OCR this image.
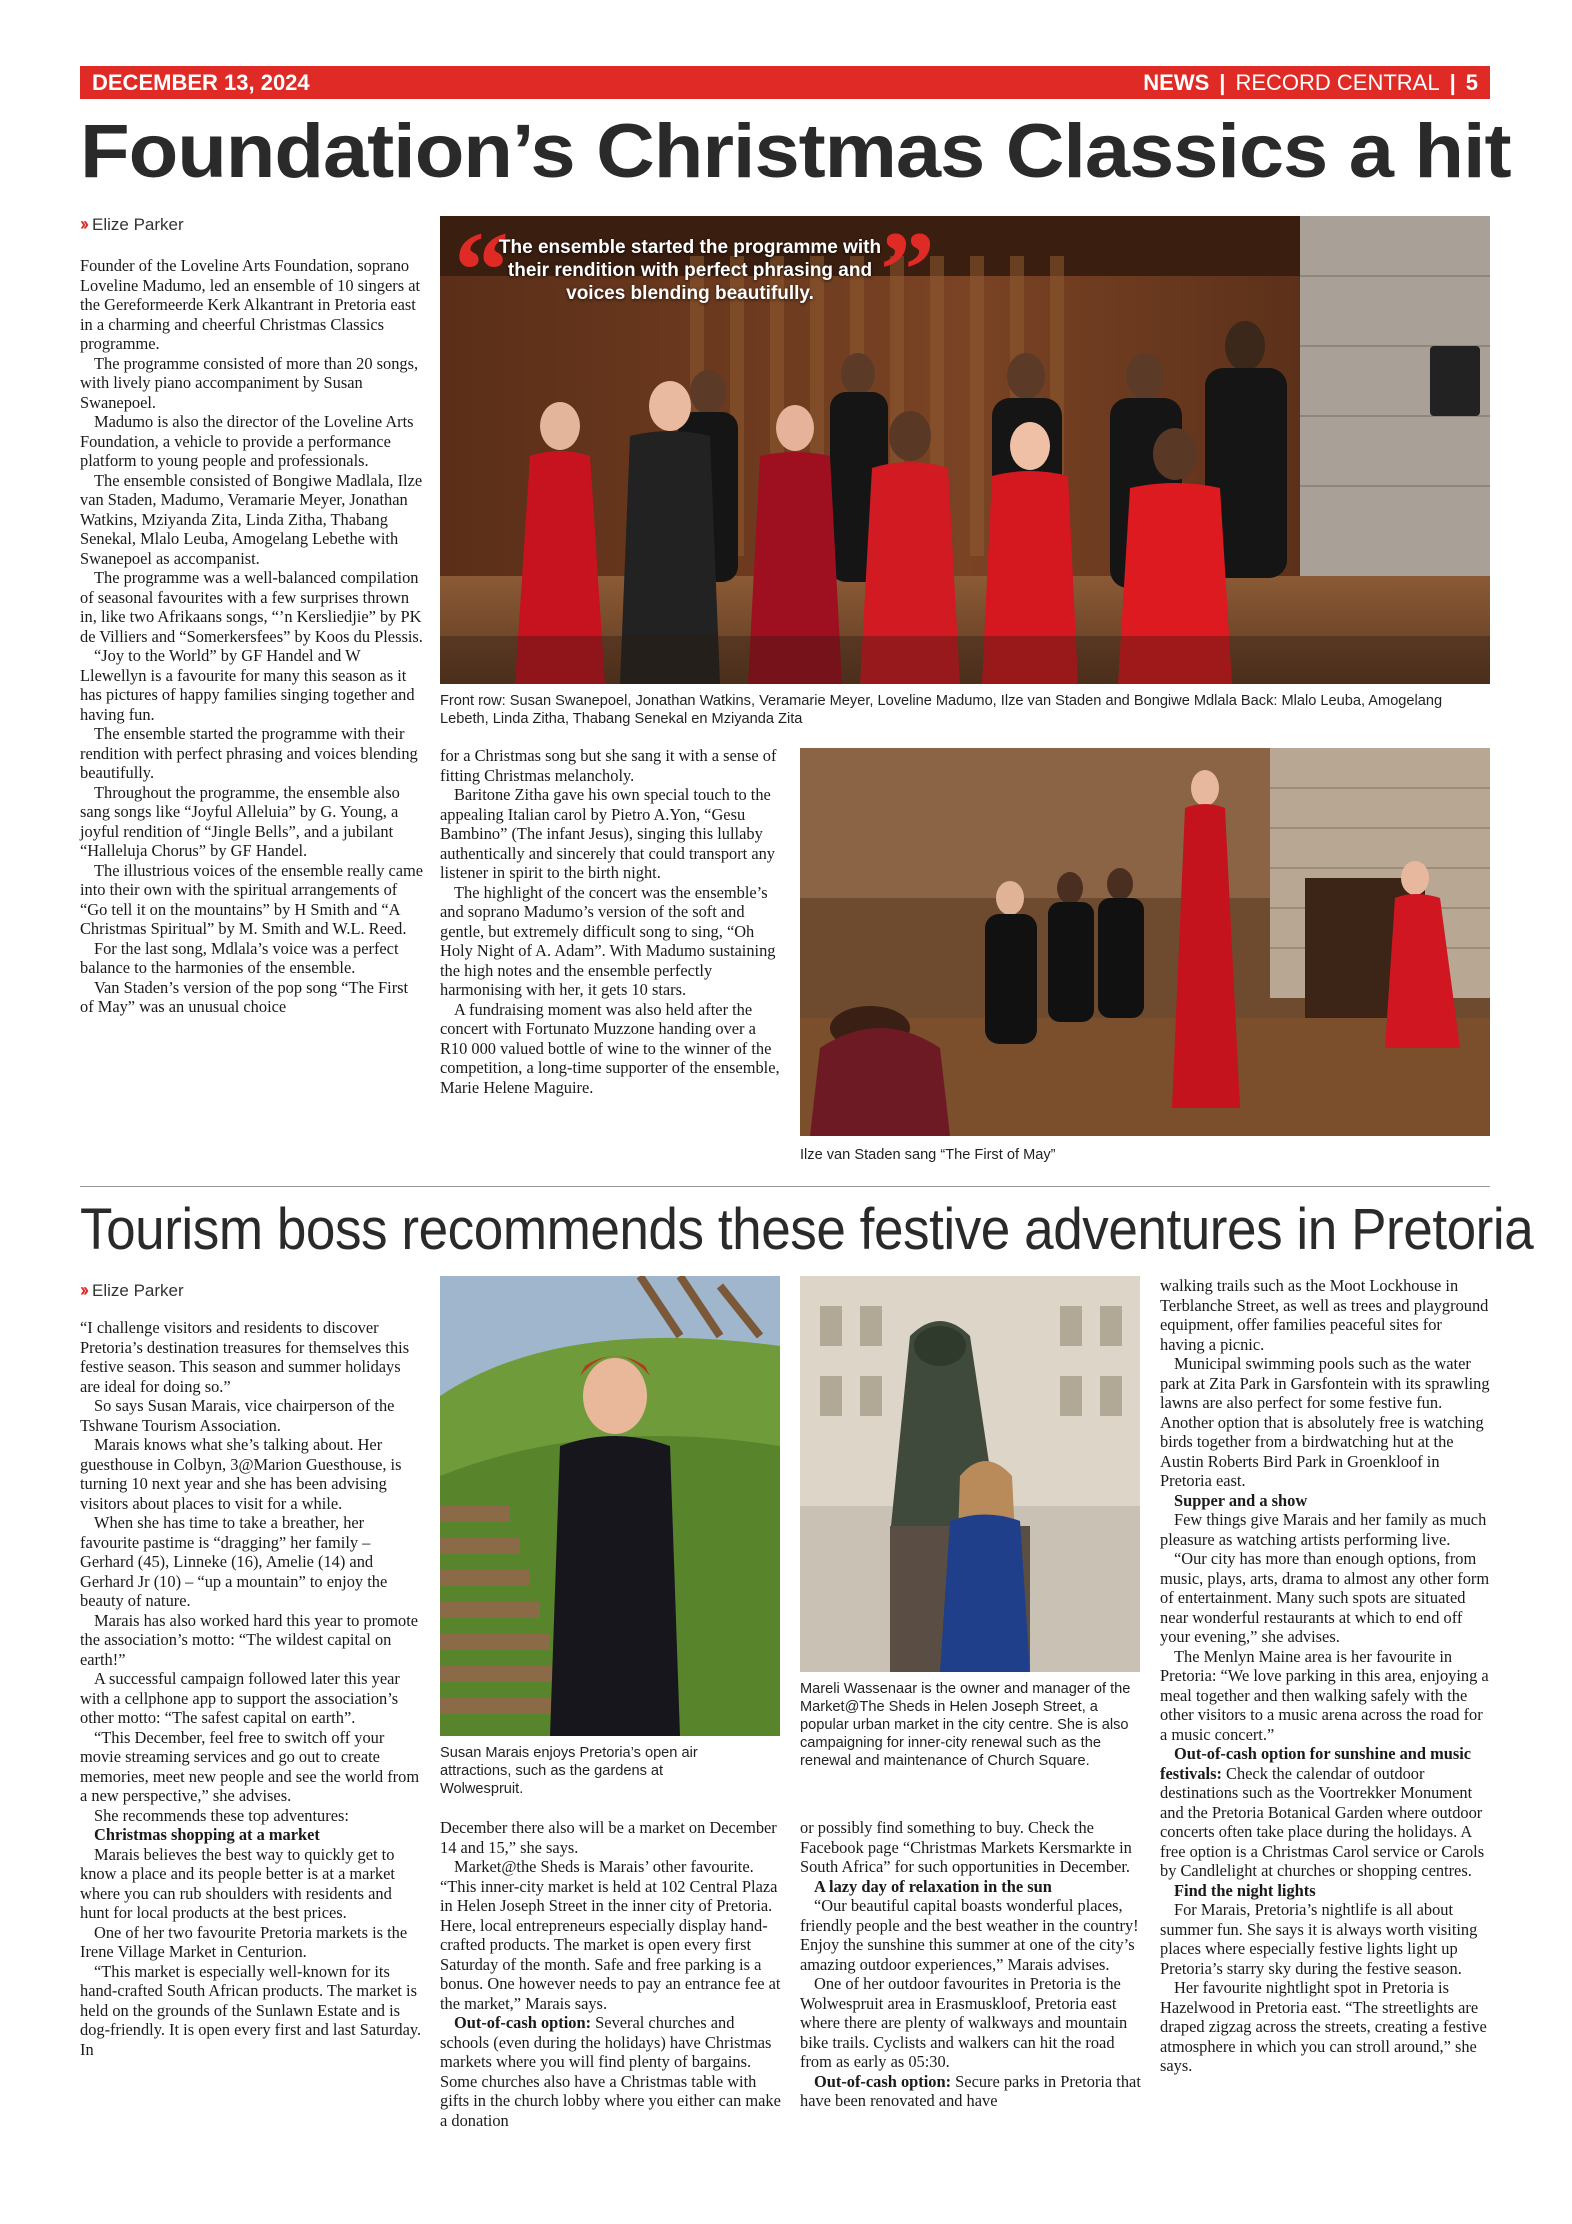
DECEMBER 13, 2024	NEWS | RECORD CENTRAL | 5
Foundation’s Christmas Classics a hit
›› Elize Parker

Founder of the Loveline Arts Foundation, soprano Loveline Madumo, led an ensemble of 10 singers at the Gereformeerde Kerk Alkantrant in Pretoria east in a charming and cheerful Christmas Classics programme.

The programme consisted of more than 20 songs, with lively piano accompaniment by Susan Swanepoel.

Madumo is also the director of the Loveline Arts Foundation, a vehicle to provide a performance platform to young people and professionals.

The ensemble consisted of Bongiwe Madlala, Ilze van Staden, Madumo, Veramarie Meyer, Jonathan Watkins, Mziyanda Zita, Linda Zitha, Thabang Senekal, Mlalo Leuba, Amogelang Lebethe with Swanepoel as accompanist.

The programme was a well-balanced compilation of seasonal favourites with a few surprises thrown in, like two Afrikaans songs, “’n Kersliedjie” by PK de Villiers and “Somerkersfees” by Koos du Plessis.

“Joy to the World” by GF Handel and W Llewellyn is a favourite for many this season as it has pictures of happy families singing together and having fun.

The ensemble started the programme with their rendition with perfect phrasing and voices blending beautifully.

Throughout the programme, the ensemble also sang songs like “Joyful Alleluia” by G. Young, a joyful rendition of “Jingle Bells”, and a jubilant “Halleluja Chorus” by GF Handel.

The illustrious voices of the ensemble really came into their own with the spiritual arrangements of “Go tell it on the mountains” by H Smith and “A Christmas Spiritual” by M. Smith and W.L. Reed.

For the last song, Mdlala’s voice was a perfect balance to the harmonies of the ensemble.

Van Staden’s version of the pop song “The First of May” was an unusual choice

“	”
The ensemble started the programme with their rendition with perfect phrasing and voices blending beautifully.
Front row: Susan Swanepoel, Jonathan Watkins, Veramarie Meyer, Loveline Madumo, Ilze van Staden and Bongiwe Mdlala Back: Mlalo Leuba, Amogelang Lebeth, Linda Zitha, Thabang Senekal en Mziyanda Zita

for a Christmas song but she sang it with a sense of fitting Christmas melancholy.

Baritone Zitha gave his own special touch to the appealing Italian carol by Pietro A.Yon, “Gesu Bambino” (The infant Jesus), singing this lullaby authentically and sincerely that could transport any listener in spirit to the birth night.

The highlight of the concert was the ensemble’s and soprano Madumo’s version of the soft and gentle, but extremely difficult song to sing, “Oh Holy Night of A. Adam”. With Madumo sustaining the high notes and the ensemble perfectly harmonising with her, it gets 10 stars.

A fundraising moment was also held after the concert with Fortunato Muzzone handing over a R10 000 valued bottle of wine to the winner of the competition, a long-time supporter of the ensemble, Marie Helene Maguire.

Ilze van Staden sang “The First of May”
Tourism boss recommends these festive adventures in Pretoria
›› Elize Parker

“I challenge visitors and residents to discover Pretoria’s destination treasures for themselves this festive season. This season and summer holidays are ideal for doing so.”

So says Susan Marais, vice chairperson of the Tshwane Tourism Association.

Marais knows what she’s talking about. Her guesthouse in Colbyn, 3@Marion Guesthouse, is turning 10 next year and she has been advising visitors about places to visit for a while.

When she has time to take a breather, her favourite pastime is “dragging” her family – Gerhard (45), Linneke (16), Amelie (14) and Gerhard Jr (10) – “up a mountain” to enjoy the beauty of nature.

Marais has also worked hard this year to promote the association’s motto: “The wildest capital on earth!”

A successful campaign followed later this year with a cellphone app to support the association’s other motto: “The safest capital on earth”.

“This December, feel free to switch off your movie streaming services and go out to create memories, meet new people and see the world from a new perspective,” she advises.

She recommends these top adventures:

Christmas shopping at a market

Marais believes the best way to quickly get to know a place and its people better is at a market where you can rub shoulders with residents and hunt for local products at the best prices.

One of her two favourite Pretoria markets is the Irene Village Market in Centurion.

“This market is especially well-known for its hand-crafted South African products. The market is held on the grounds of the Sunlawn Estate and is dog-friendly. It is open every first and last Saturday. In

Susan Marais enjoys Pretoria’s open air attractions, such as the gardens at Wolwespruit.

December there also will be a market on December 14 and 15,” she says.

Market@the Sheds is Marais’ other favourite. “This inner-city market is held at 102 Central Plaza in Helen Joseph Street in the inner city of Pretoria. Here, local entrepreneurs especially display hand-crafted products. The market is open every first Saturday of the month. Safe and free parking is a bonus. One however needs to pay an entrance fee at the market,” Marais says.

Out-of-cash option: Several churches and schools (even during the holidays) have Christmas markets where you will find plenty of bargains. Some churches also have a Christmas table with gifts in the church lobby where you either can make a donation

Mareli Wassenaar is the owner and manager of the Market@The Sheds in Helen Joseph Street, a popular urban market in the city centre. She is also campaigning for inner-city renewal such as the renewal and maintenance of Church Square.

or possibly find something to buy. Check the Facebook page “Christmas Markets Kersmarkte in South Africa” for such opportunities in December.

A lazy day of relaxation in the sun

“Our beautiful capital boasts wonderful places, friendly people and the best weather in the country! Enjoy the sunshine this summer at one of the city’s amazing outdoor experiences,” Marais advises.

One of her outdoor favourites in Pretoria is the Wolwespruit area in Erasmuskloof, Pretoria east where there are plenty of walkways and mountain bike trails. Cyclists and walkers can hit the road from as early as 05:30.

Out-of-cash option: Secure parks in Pretoria that have been renovated and have

walking trails such as the Moot Lockhouse in Terblanche Street, as well as trees and playground equipment, offer families peaceful sites for having a picnic.

Municipal swimming pools such as the water park at Zita Park in Garsfontein with its sprawling lawns are also perfect for some festive fun. Another option that is absolutely free is watching birds together from a birdwatching hut at the Austin Roberts Bird Park in Groenkloof in Pretoria east.

Supper and a show

Few things give Marais and her family as much pleasure as watching artists performing live.

“Our city has more than enough options, from music, plays, arts, drama to almost any other form of entertainment. Many such spots are situated near wonderful restaurants at which to end off your evening,” she advises.

The Menlyn Maine area is her favourite in Pretoria: “We love parking in this area, enjoying a meal together and then walking safely with the other visitors to a music arena across the road for a music concert.”

Out-of-cash option for sunshine and music festivals: Check the calendar of outdoor destinations such as the Voortrekker Monument and the Pretoria Botanical Garden where outdoor concerts often take place during the holidays. A free option is a Christmas Carol service or Carols by Candlelight at churches or shopping centres.

Find the night lights

For Marais, Pretoria’s nightlife is all about summer fun. She says it is always worth visiting places where especially festive lights light up Pretoria’s starry sky during the festive season.

Her favourite nightlight spot in Pretoria is Hazelwood in Pretoria east. “The streetlights are draped zigzag across the streets, creating a festive atmosphere in which you can stroll around,” she says.
